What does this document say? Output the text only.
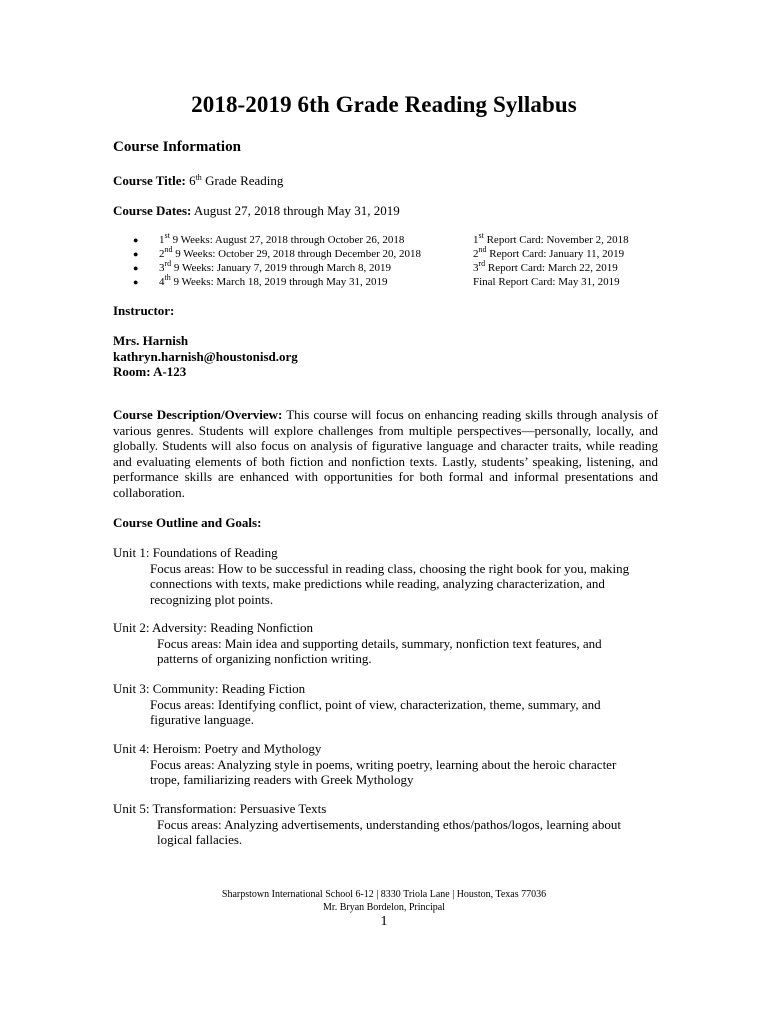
2018-2019 6th Grade Reading Syllabus
Course Information
Course Title: 6th Grade Reading
Course Dates: August 27, 2018 through May 31, 2019
● 1st 9 Weeks: August 27, 2018 through October 26, 2018	1st Report Card: November 2, 2018
● 2nd 9 Weeks: October 29, 2018 through December 20, 2018	2nd Report Card: January 11, 2019
● 3rd 9 Weeks: January 7, 2019 through March 8, 2019	3rd Report Card: March 22, 2019
● 4th 9 Weeks: March 18, 2019 through May 31, 2019	Final Report Card: May 31, 2019
Instructor:
Mrs. Harnish
kathryn.harnish@houstonisd.org
Room: A-123
Course Description/Overview: This course will focus on enhancing reading skills through analysis of various genres. Students will explore challenges from multiple perspectives—personally, locally, and globally. Students will also focus on analysis of figurative language and character traits, while reading and evaluating elements of both fiction and nonfiction texts. Lastly, students’ speaking, listening, and performance skills are enhanced with opportunities for both formal and informal presentations and collaboration.
Course Outline and Goals:
Unit 1: Foundations of Reading
Focus areas: How to be successful in reading class, choosing the right book for you, making connections with texts, make predictions while reading, analyzing characterization, and recognizing plot points.
Unit 2: Adversity: Reading Nonfiction
Focus areas: Main idea and supporting details, summary, nonfiction text features, and patterns of organizing nonfiction writing.
Unit 3: Community: Reading Fiction
Focus areas: Identifying conflict, point of view, characterization, theme, summary, and figurative language.
Unit 4: Heroism: Poetry and Mythology
Focus areas: Analyzing style in poems, writing poetry, learning about the heroic character trope, familiarizing readers with Greek Mythology
Unit 5: Transformation: Persuasive Texts
Focus areas: Analyzing advertisements, understanding ethos/pathos/logos, learning about logical fallacies.
Sharpstown International School 6-12 | 8330 Triola Lane | Houston, Texas 77036
Mr. Bryan Bordelon, Principal
1
